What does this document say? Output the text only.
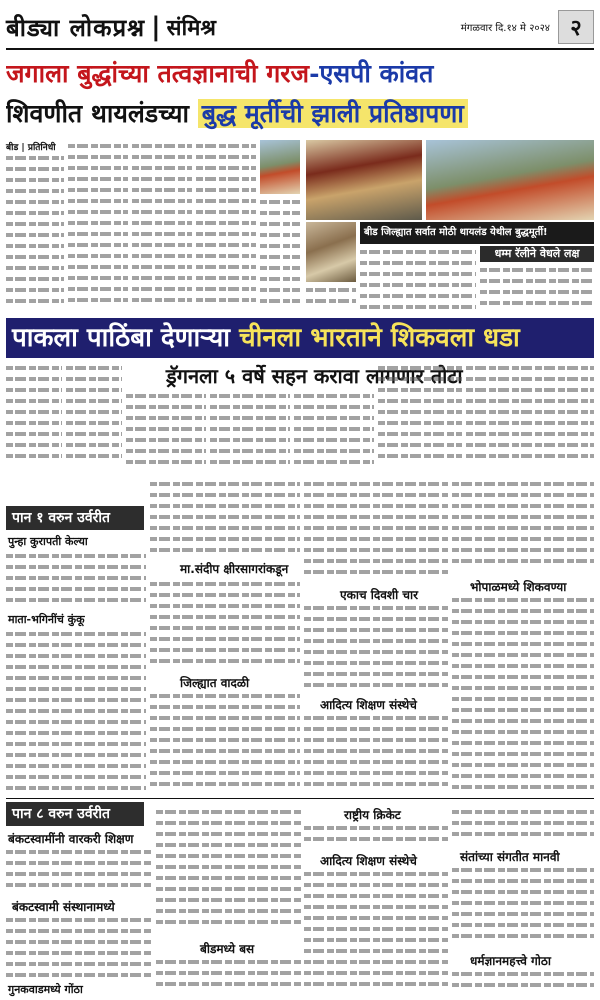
बीड्या लोकप्रश्न | संमिश्र	मंगळवार दि.१४ मे २०२४ २
जगाला बुद्धांच्या तत्वज्ञानाची गरज-एसपी कांवत
शिवणीत थायलंडच्या बुद्ध मूर्तीची झाली प्रतिष्ठापणा
बीड | प्रतिनिधी
बीड जिल्ह्यात सर्वात मोठी थायलंड येथील बुद्धमूर्ती!
धम्म रॅलीने वेधले लक्ष
पाकला पाठिंबा देणाऱ्या चीनला भारताने शिकवला धडा
ड्रॅगनला ५ वर्षे सहन करावा लागणार तोटा
पान १ वरुन उर्वरीत
पान ८ वरुन उर्वरीत
पुन्हा कुरापती केल्या
माता-भगिनींचं कुंकू
मा.संदीप क्षीरसागरांकडून
जिल्ह्यात वादळी
एकाच दिवशी चार
आदित्य शिक्षण संस्थेचे
भोपाळमध्ये शिकवण्या
बंकटस्वामींनी वारकरी शिक्षण
बंकटस्वामी संस्थानामध्ये
गुनकवाडमध्ये गोंठा
बीडमध्ये बस
राष्ट्रीय क्रिकेट
आदित्य शिक्षण संस्थेचे	संतांच्या संगतीत मानवी
धर्मज्ञानमहत्त्वे गोठा
